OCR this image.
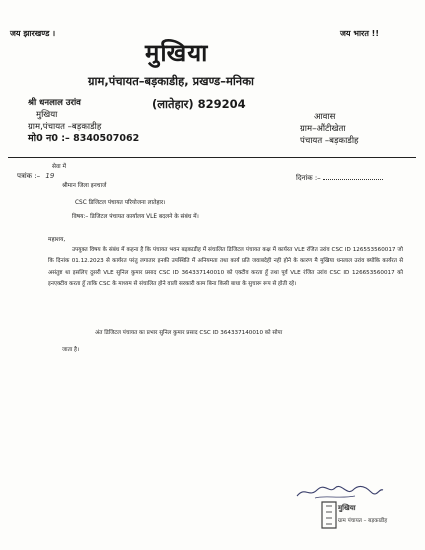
जय झारखण्ड ।	जय भारत !!
मुखिया
ग्राम,पंचायत–बड़काडीह, प्रखण्ड–मनिका
श्री धनलाल उरांव
मुखिया
ग्राम,पंचायत –बड़काडीह
मो0 न0 :– 8340507062
(लातेहार) 829204
आवास
ग्राम–औंटीखेता
पंचायत –बड़काडीह
सेवा में
पत्रांक :– 19	दिनांक :–
श्रीमान जिला इनचार्ज
CSC डिजिटल पंचायत परियोजना लातेहार।
विषय:– डिजिटल पंचायत कार्यालय VLE बदलने के संबंध में।
महाशय,
उपयुक्त विषय के संबंध में कहना है कि पंचायत भवन बड़काडीह में संचालित डिजिटल पंचायत कक्ष में कार्यरत VLE रंजित उरांव CSC ID 126553560017 जो कि दिनांक 01.12.2023 से कार्यरत परंतु लगातार इनकी उपस्थिति में अनियमता तथा कार्य प्रति जवाबदेही नही होने के कारण मै मुखिया धनलाल उरांव क्योकि कार्यरत से असंतुष्ट था इसलिए दुसरी VLE सुनिल कुमार प्रसाद CSC ID 364337140010 को एक्टीव करता हूँ तथा पूर्व VLE रंजित उरांव CSC ID 126653560017 को इनएक्टीव करता हूँ ताकि CSC के माध्यम से संचालित होने वाली सरकारी काम बिना किसी बाधा के सुचारू रूप से होती रहे।
अंत डिजिटल पंचायत का प्रभार सुनिल कुमार प्रसाद CSC ID 364337140010 को सोपा
जाता है।
मुखिया
ग्राम पंचायत – बड़काडीह
